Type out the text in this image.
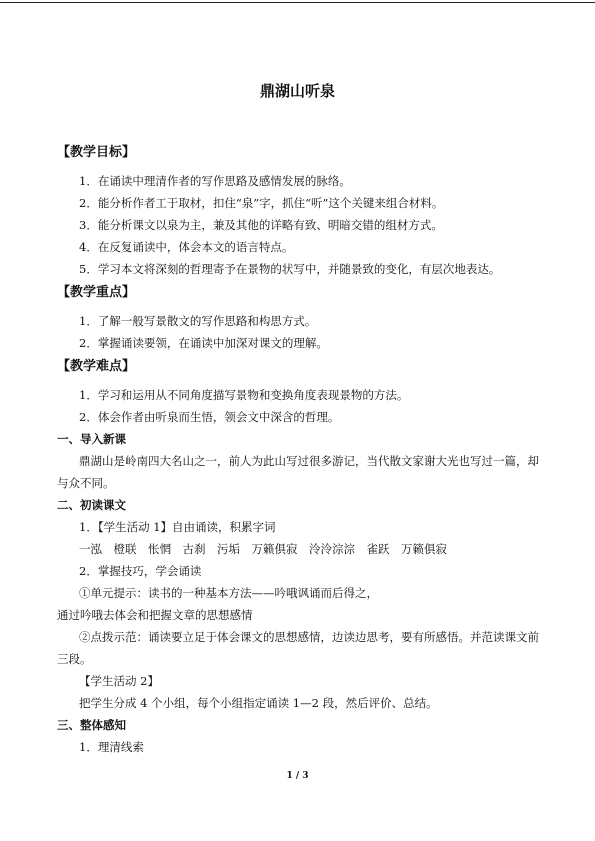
鼎湖山听泉
【教学目标】
1．在诵读中理清作者的写作思路及感情发展的脉络。
2．能分析作者工于取材，扣住“泉”字，抓住“听”这个关键来组合材料。
3．能分析课文以泉为主，兼及其他的详略有致、明暗交错的组材方式。
4．在反复诵读中，体会本文的语言特点。
5．学习本文将深刻的哲理寄予在景物的状写中，并随景致的变化，有层次地表达。
【教学重点】
1．了解一般写景散文的写作思路和构思方式。
2．掌握诵读要领，在诵读中加深对课文的理解。
【教学难点】
1．学习和运用从不同角度描写景物和变换角度表现景物的方法。
2．体会作者由听泉而生悟，领会文中深含的哲理。
一、导入新课
鼎湖山是岭南四大名山之一，前人为此山写过很多游记，当代散文家谢大光也写过一篇，却与众不同。
二、初读课文
1．【学生活动 1】自由诵读，积累字词
一泓　橙联　怅惘　古刹　污垢　万籁俱寂　泠泠淙淙　雀跃　万籁俱寂
2．掌握技巧，学会诵读
①单元提示：读书的一种基本方法——吟哦讽诵而后得之，
通过吟哦去体会和把握文章的思想感情
②点拨示范：诵读要立足于体会课文的思想感情，边读边思考，要有所感悟。并范读课文前三段。
【学生活动 2】
把学生分成 4 个小组，每个小组指定诵读 1—2 段，然后评价、总结。
三、整体感知
1．理清线索
1 / 3
